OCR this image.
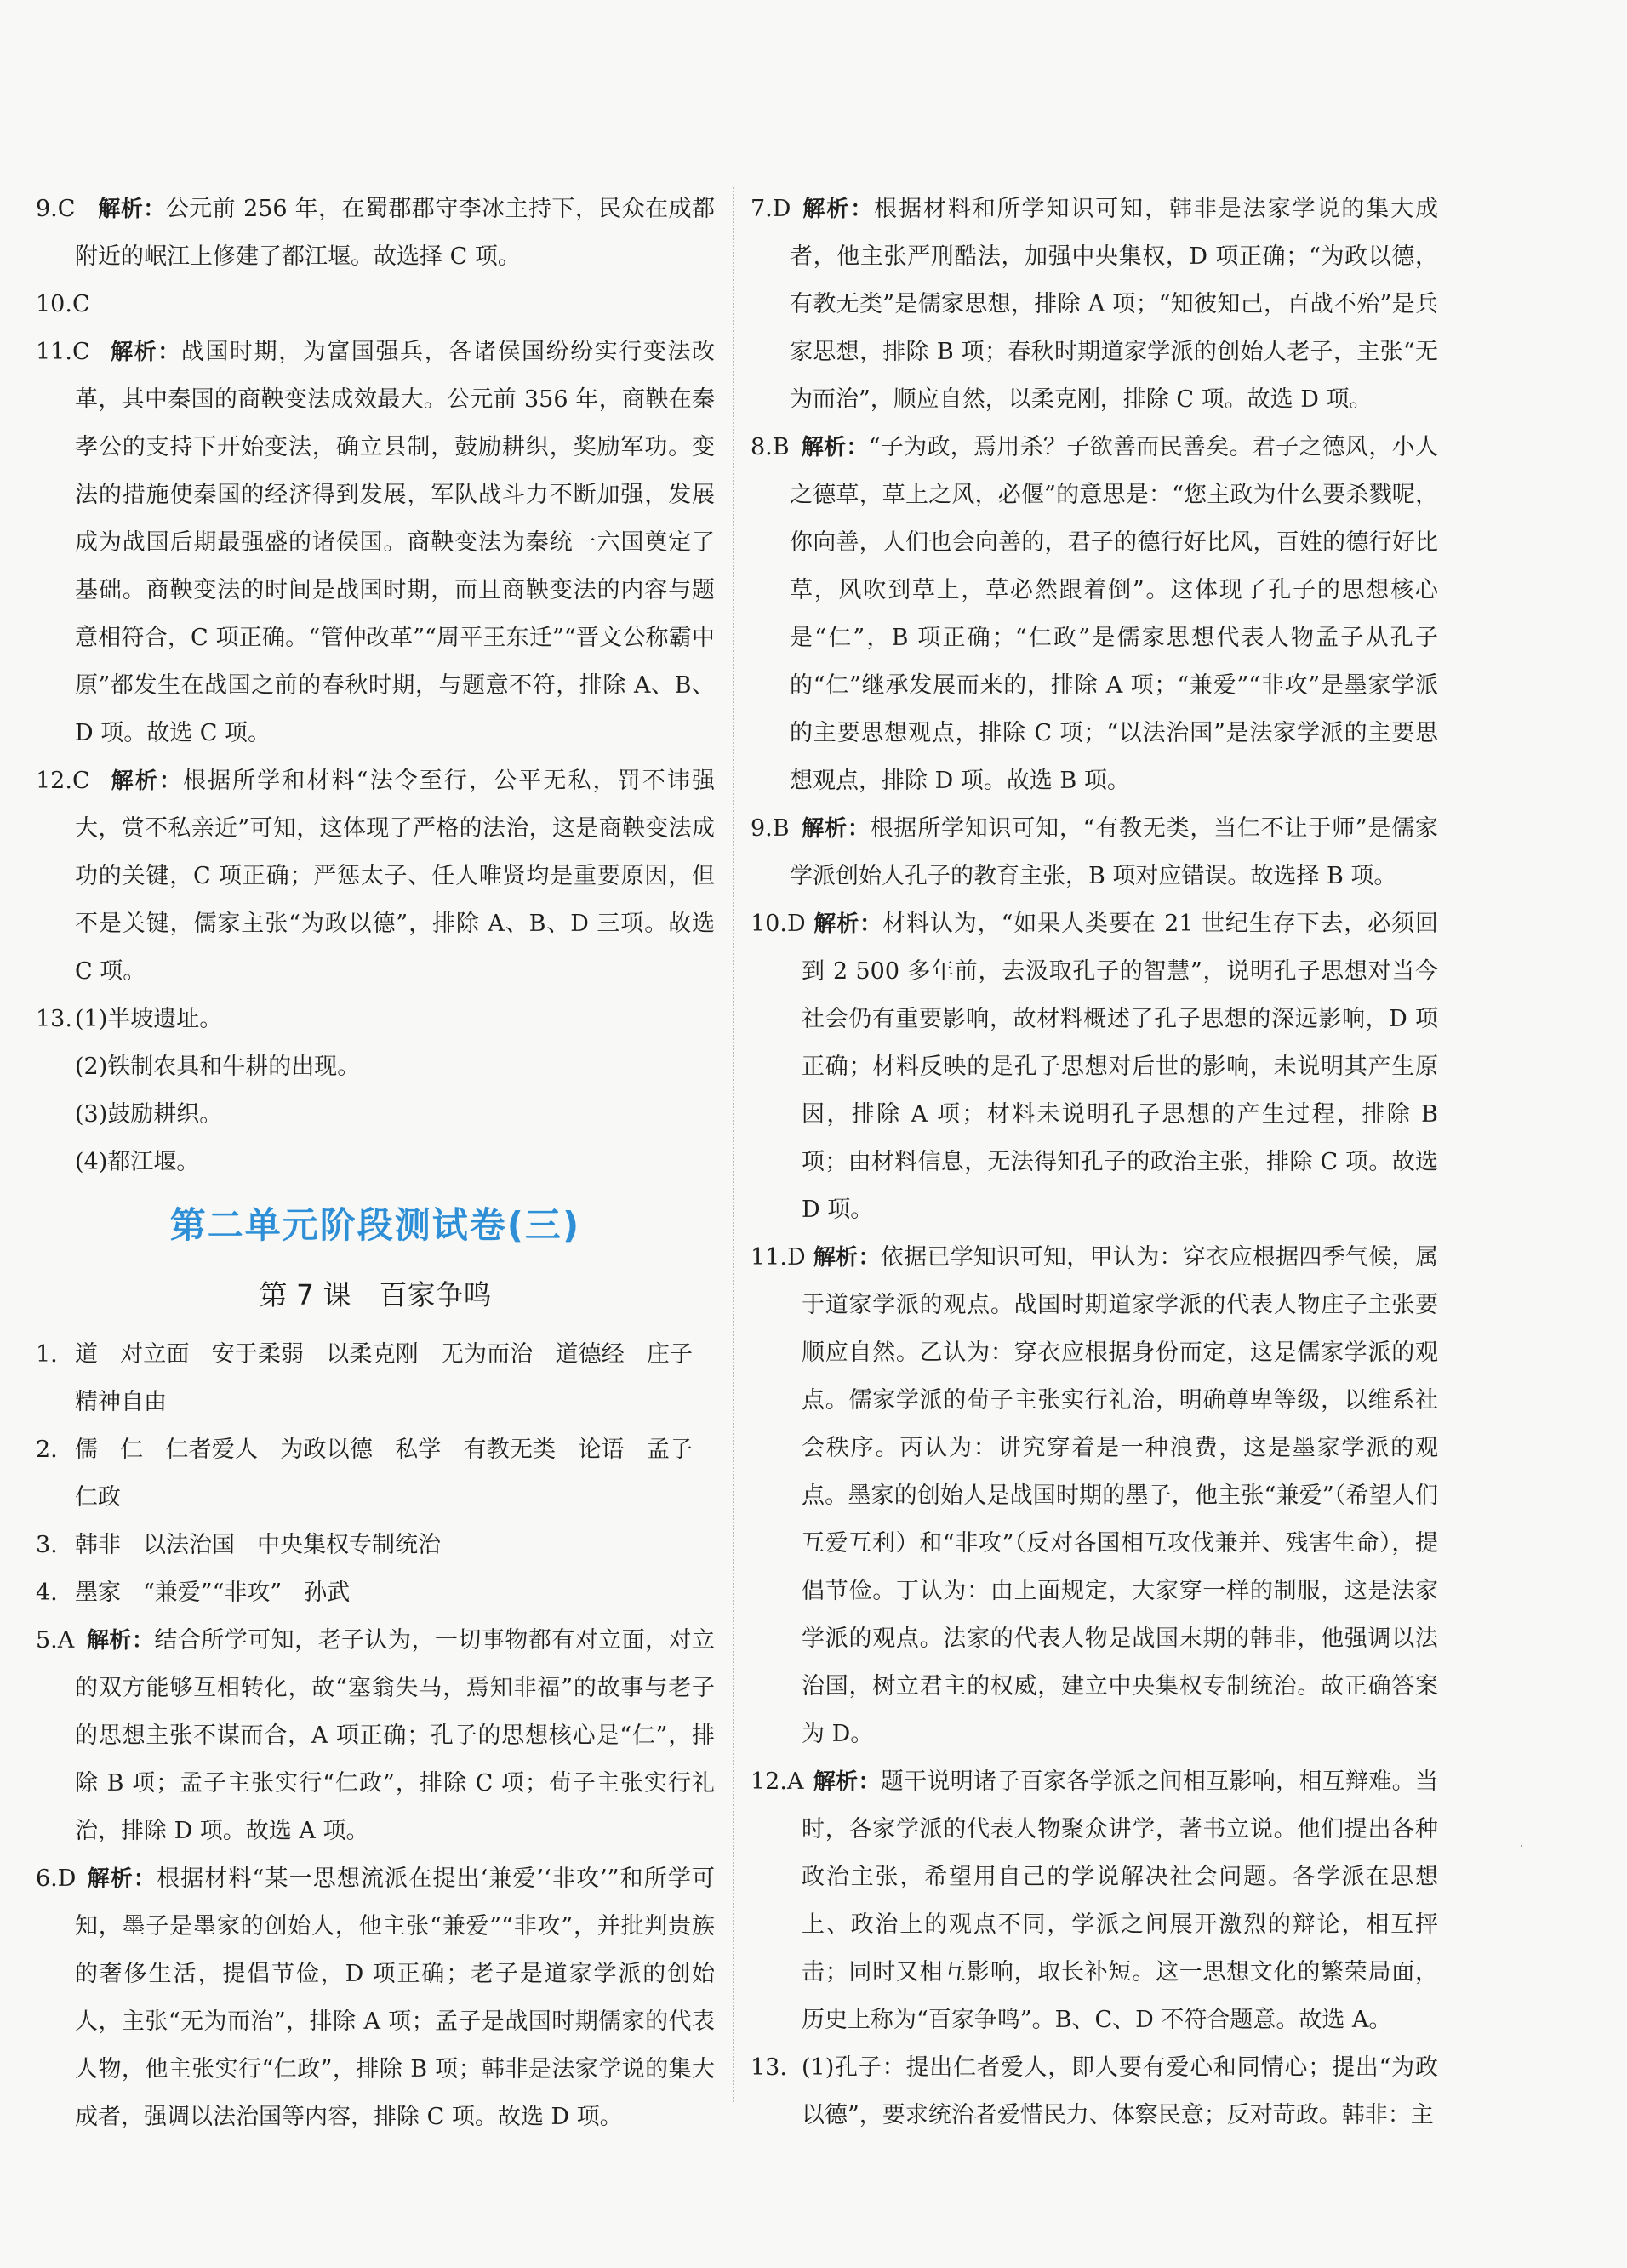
9.C 解析：公元前 256 年，在蜀郡郡守李冰主持下，民众在成都附近的岷江上修建了都江堰。故选择 C 项。
10.C

11.C 解析：战国时期，为富国强兵，各诸侯国纷纷实行变法改革，其中秦国的商鞅变法成效最大。公元前 356 年，商鞅在秦孝公的支持下开始变法，确立县制，鼓励耕织，奖励军功。变法的措施使秦国的经济得到发展，军队战斗力不断加强，发展成为战国后期最强盛的诸侯国。商鞅变法为秦统一六国奠定了基础。商鞅变法的时间是战国时期，而且商鞅变法的内容与题意相符合，C 项正确。“管仲改革”“周平王东迁”“晋文公称霸中原”都发生在战国之前的春秋时期，与题意不符，排除 A、B、D 项。故选 C 项。
12.C 解析：根据所学和材料“法令至行，公平无私，罚不讳强大，赏不私亲近”可知，这体现了严格的法治，这是商鞅变法成功的关键，C 项正确；严惩太子、任人唯贤均是重要原因，但不是关键，儒家主张“为政以德”，排除 A、B、D 三项。故选 C 项。
13. (1)半坡遗址。
(2)铁制农具和牛耕的出现。
(3)鼓励耕织。
(4)都江堰。
第二单元阶段测试卷(三)
第 7 课　百家争鸣
1. 道 对立面 安于柔弱 以柔克刚 无为而治 道德经 庄子精神自由
2. 儒 仁 仁者爱人 为政以德 私学 有教无类 论语 孟子仁政
3. 韩非 以法治国 中央集权专制统治
4. 墨家 “兼爱”“非攻” 孙武
5.A 解析：结合所学可知，老子认为，一切事物都有对立面，对立的双方能够互相转化，故“塞翁失马，焉知非福”的故事与老子的思想主张不谋而合，A 项正确；孔子的思想核心是“仁”，排除 B 项；孟子主张实行“仁政”，排除 C 项；荀子主张实行礼治，排除 D 项。故选 A 项。
6.D 解析：根据材料“某一思想流派在提出‘兼爱’‘非攻’”和所学可知，墨子是墨家的创始人，他主张“兼爱”“非攻”，并批判贵族的奢侈生活，提倡节俭，D 项正确；老子是道家学派的创始人，主张“无为而治”，排除 A 项；孟子是战国时期儒家的代表人物，他主张实行“仁政”，排除 B 项；韩非是法家学说的集大成者，强调以法治国等内容，排除 C 项。故选 D 项。
7.D 解析：根据材料和所学知识可知，韩非是法家学说的集大成者，他主张严刑酷法，加强中央集权，D 项正确；“为政以德，有教无类”是儒家思想，排除 A 项；“知彼知己，百战不殆”是兵家思想，排除 B 项；春秋时期道家学派的创始人老子，主张“无为而治”，顺应自然，以柔克刚，排除 C 项。故选 D 项。
8.B 解析：“子为政，焉用杀？子欲善而民善矣。君子之德风，小人之德草，草上之风，必偃”的意思是：“您主政为什么要杀戮呢，你向善，人们也会向善的，君子的德行好比风，百姓的德行好比草，风吹到草上，草必然跟着倒”。这体现了孔子的思想核心是“仁”，B 项正确；“仁政”是儒家思想代表人物孟子从孔子的“仁”继承发展而来的，排除 A 项；“兼爱”“非攻”是墨家学派的主要思想观点，排除 C 项；“以法治国”是法家学派的主要思想观点，排除 D 项。故选 B 项。
9.B 解析：根据所学知识可知，“有教无类，当仁不让于师”是儒家学派创始人孔子的教育主张，B 项对应错误。故选择 B 项。
10.D 解析：材料认为，“如果人类要在 21 世纪生存下去，必须回到 2 500 多年前，去汲取孔子的智慧”，说明孔子思想对当今社会仍有重要影响，故材料概述了孔子思想的深远影响，D 项正确；材料反映的是孔子思想对后世的影响，未说明其产生原因，排除 A 项；材料未说明孔子思想的产生过程，排除 B 项；由材料信息，无法得知孔子的政治主张，排除 C 项。故选 D 项。
11.D 解析：依据已学知识可知，甲认为：穿衣应根据四季气候，属于道家学派的观点。战国时期道家学派的代表人物庄子主张要顺应自然。乙认为：穿衣应根据身份而定，这是儒家学派的观点。儒家学派的荀子主张实行礼治，明确尊卑等级，以维系社会秩序。丙认为：讲究穿着是一种浪费，这是墨家学派的观点。墨家的创始人是战国时期的墨子，他主张“兼爱”（希望人们互爱互利）和“非攻”（反对各国相互攻伐兼并、残害生命），提倡节俭。丁认为：由上面规定，大家穿一样的制服，这是法家学派的观点。法家的代表人物是战国末期的韩非，他强调以法治国，树立君主的权威，建立中央集权专制统治。故正确答案为 D。
12.A 解析：题干说明诸子百家各学派之间相互影响，相互辩难。当时，各家学派的代表人物聚众讲学，著书立说。他们提出各种政治主张，希望用自己的学说解决社会问题。各学派在思想上、政治上的观点不同，学派之间展开激烈的辩论，相互抨击；同时又相互影响，取长补短。这一思想文化的繁荣局面，历史上称为“百家争鸣”。B、C、D 不符合题意。故选 A。
13. (1)孔子：提出仁者爱人，即人要有爱心和同情心；提出“为政以德”，要求统治者爱惜民力、体察民意；反对苛政。韩非：主
